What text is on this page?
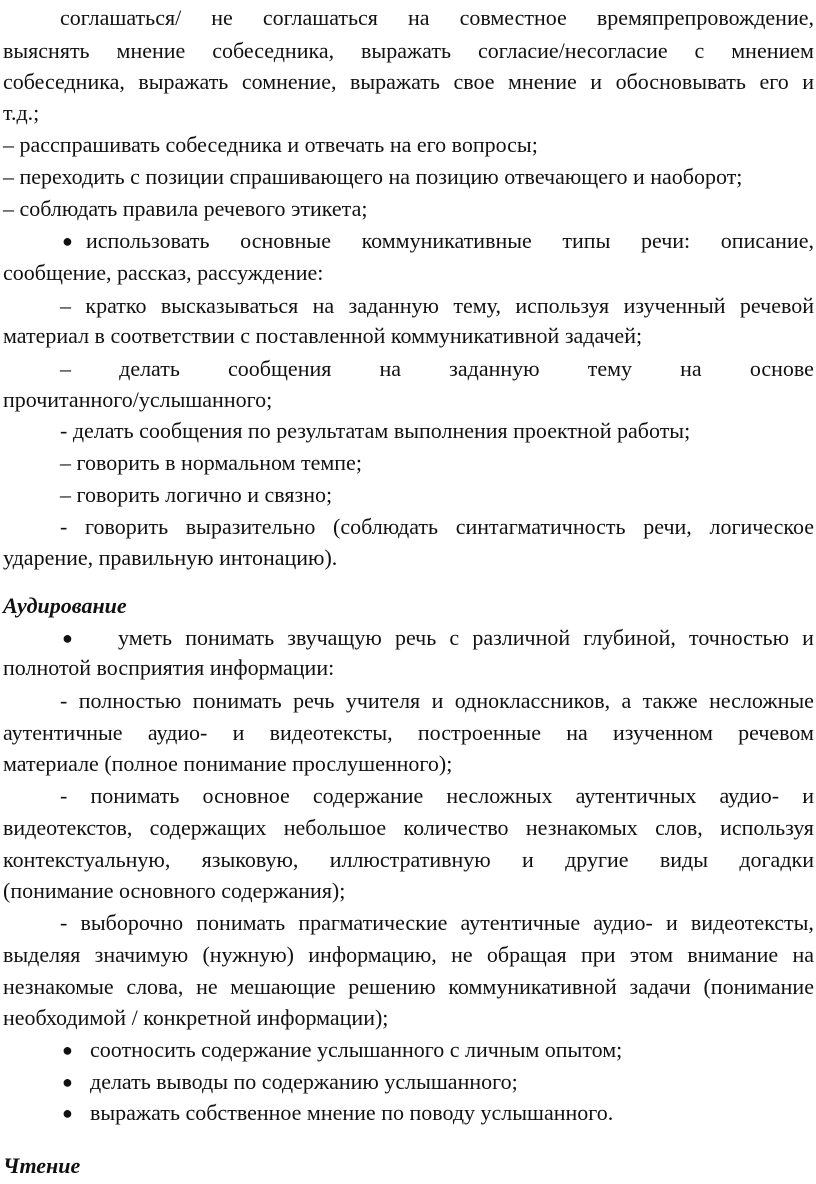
соглашаться/ не соглашаться на совместное времяпрепровождение,
выяснять мнение собеседника, выражать согласие/несогласие с мнением
собеседника, выражать сомнение, выражать свое мнение и обосновывать его и
т.д.;
– расспрашивать собеседника и отвечать на его вопросы;
– переходить с позиции спрашивающего на позицию отвечающего и наоборот;
– соблюдать правила речевого этикета;
● использовать основные коммуникативные типы речи: описание,
сообщение, рассказ, рассуждение:
– кратко высказываться на заданную тему, используя изученный речевой
материал в соответствии с поставленной коммуникативной задачей;
– делать сообщения на заданную тему на основе
прочитанного/услышанного;
- делать сообщения по результатам выполнения проектной работы;
– говорить в нормальном темпе;
– говорить логично и связно;
- говорить выразительно (соблюдать синтагматичность речи, логическое
ударение, правильную интонацию).
Аудирование
● уметь понимать звучащую речь с различной глубиной, точностью и
полнотой восприятия информации:
- полностью понимать речь учителя и одноклассников, а также несложные
аутентичные аудио- и видеотексты, построенные на изученном речевом
материале (полное понимание прослушенного);
- понимать основное содержание несложных аутентичных аудио- и
видеотекстов, содержащих небольшое количество незнакомых слов, используя
контекстуальную, языковую, иллюстративную и другие виды догадки
(понимание основного содержания);
- выборочно понимать прагматические аутентичные аудио- и видеотексты,
выделяя значимую (нужную) информацию, не обращая при этом внимание на
незнакомые слова, не мешающие решению коммуникативной задачи (понимание
необходимой / конкретной информации);
● соотносить содержание услышанного с личным опытом;
● делать выводы по содержанию услышанного;
● выражать собственное мнение по поводу услышанного.
Чтение
